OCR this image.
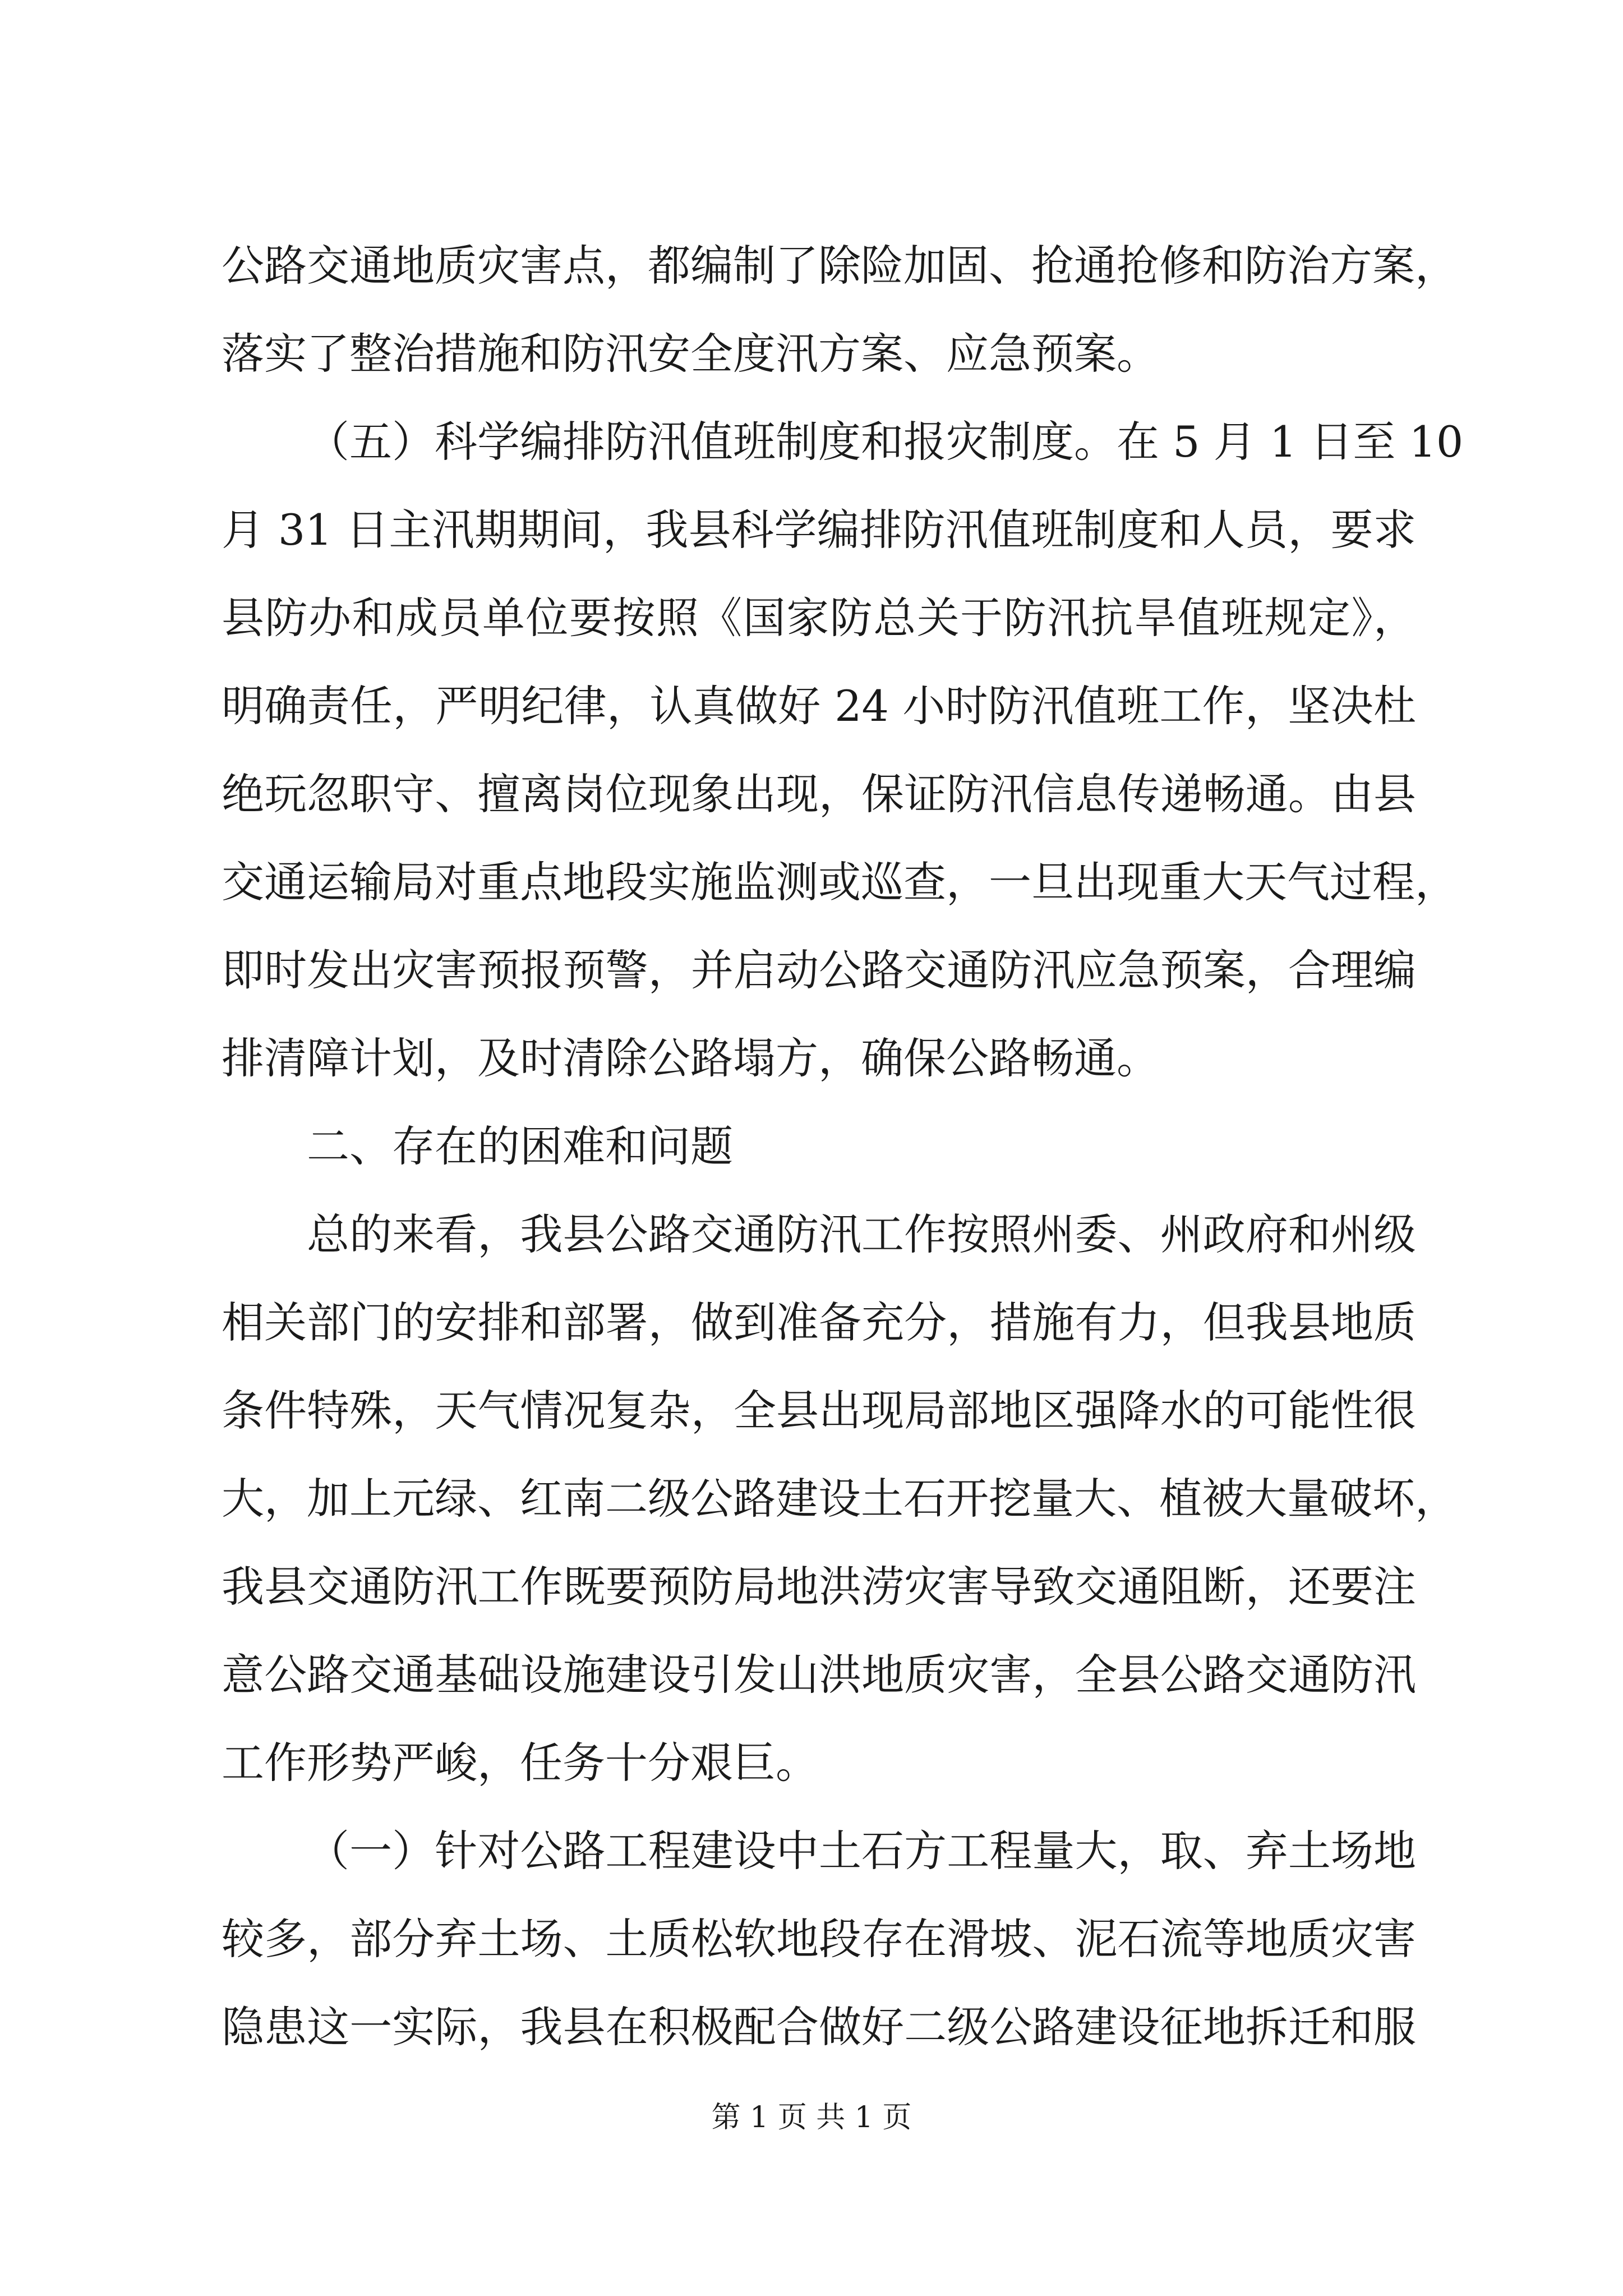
公路交通地质灾害点，都编制了除险加固、抢通抢修和防治方案，
落实了整治措施和防汛安全度汛方案、应急预案。
（五）科学编排防汛值班制度和报灾制度。在 5 月 1 日至 10
月 31 日主汛期期间，我县科学编排防汛值班制度和人员，要求
县防办和成员单位要按照《国家防总关于防汛抗旱值班规定》，
明确责任，严明纪律，认真做好 24 小时防汛值班工作，坚决杜
绝玩忽职守、擅离岗位现象出现，保证防汛信息传递畅通。由县
交通运输局对重点地段实施监测或巡查，一旦出现重大天气过程，
即时发出灾害预报预警，并启动公路交通防汛应急预案，合理编
排清障计划，及时清除公路塌方，确保公路畅通。
二、存在的困难和问题
总的来看，我县公路交通防汛工作按照州委、州政府和州级
相关部门的安排和部署，做到准备充分，措施有力，但我县地质
条件特殊，天气情况复杂，全县出现局部地区强降水的可能性很
大，加上元绿、红南二级公路建设土石开挖量大、植被大量破坏，
我县交通防汛工作既要预防局地洪涝灾害导致交通阻断，还要注
意公路交通基础设施建设引发山洪地质灾害，全县公路交通防汛
工作形势严峻，任务十分艰巨。
（一）针对公路工程建设中土石方工程量大，取、弃土场地
较多，部分弃土场、土质松软地段存在滑坡、泥石流等地质灾害
隐患这一实际，我县在积极配合做好二级公路建设征地拆迁和服
第 1 页 共 1 页
